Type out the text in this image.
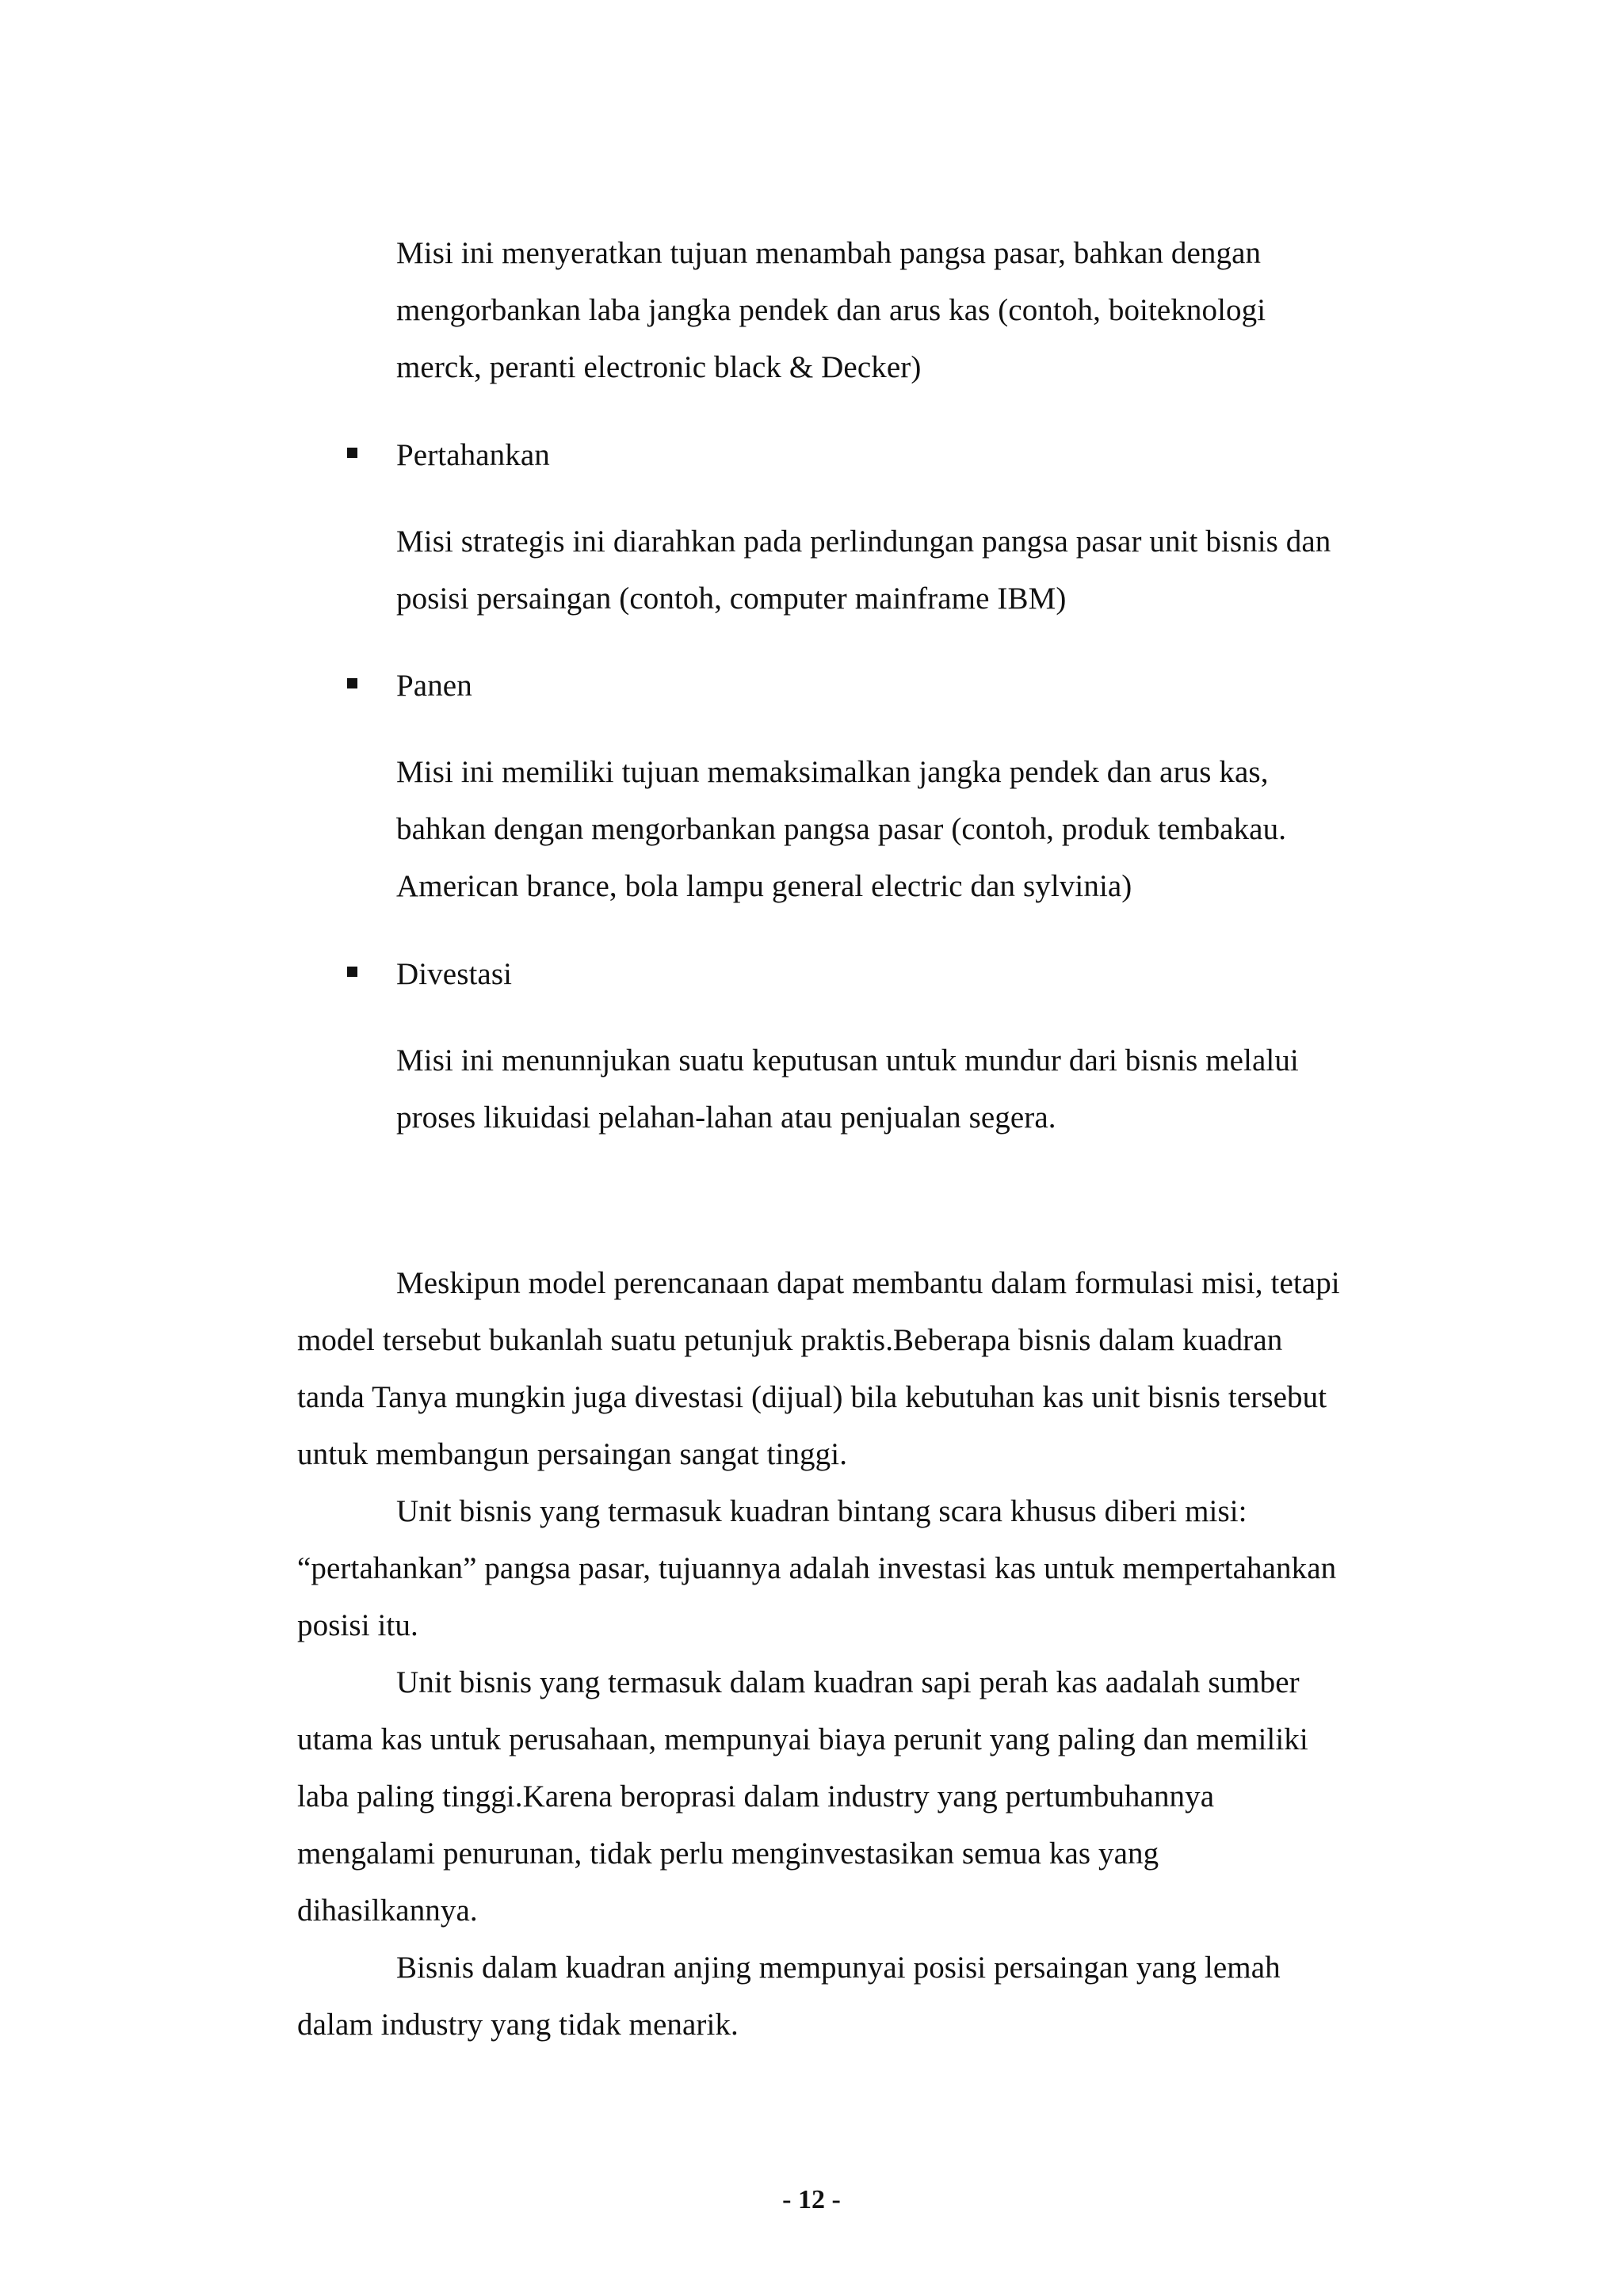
Misi ini menyeratkan tujuan menambah pangsa pasar, bahkan dengan
mengorbankan laba jangka pendek dan arus kas (contoh, boiteknologi
merck, peranti electronic black & Decker)
Pertahankan
Misi strategis ini diarahkan pada perlindungan pangsa pasar unit bisnis dan
posisi persaingan (contoh, computer mainframe IBM)
Panen
Misi ini memiliki tujuan memaksimalkan jangka pendek dan arus kas,
bahkan dengan mengorbankan pangsa pasar (contoh, produk tembakau.
American brance, bola lampu general electric dan sylvinia)
Divestasi
Misi ini menunnjukan suatu keputusan untuk mundur dari bisnis melalui
proses likuidasi pelahan-lahan atau penjualan segera.
Meskipun model perencanaan dapat membantu dalam formulasi misi, tetapi
model tersebut bukanlah suatu petunjuk praktis.Beberapa bisnis dalam kuadran
tanda Tanya mungkin juga divestasi (dijual) bila kebutuhan kas unit bisnis tersebut
untuk membangun persaingan sangat tinggi.
Unit bisnis yang termasuk kuadran bintang scara khusus diberi misi:
“pertahankan” pangsa pasar, tujuannya adalah investasi kas untuk mempertahankan
posisi itu.
Unit bisnis yang termasuk dalam kuadran sapi perah kas aadalah sumber
utama kas untuk perusahaan, mempunyai biaya perunit yang paling dan memiliki
laba paling tinggi.Karena beroprasi dalam industry yang pertumbuhannya
mengalami penurunan, tidak perlu menginvestasikan semua kas yang
dihasilkannya.
Bisnis dalam kuadran anjing mempunyai posisi persaingan yang lemah
dalam industry yang tidak menarik.
- 12 -
